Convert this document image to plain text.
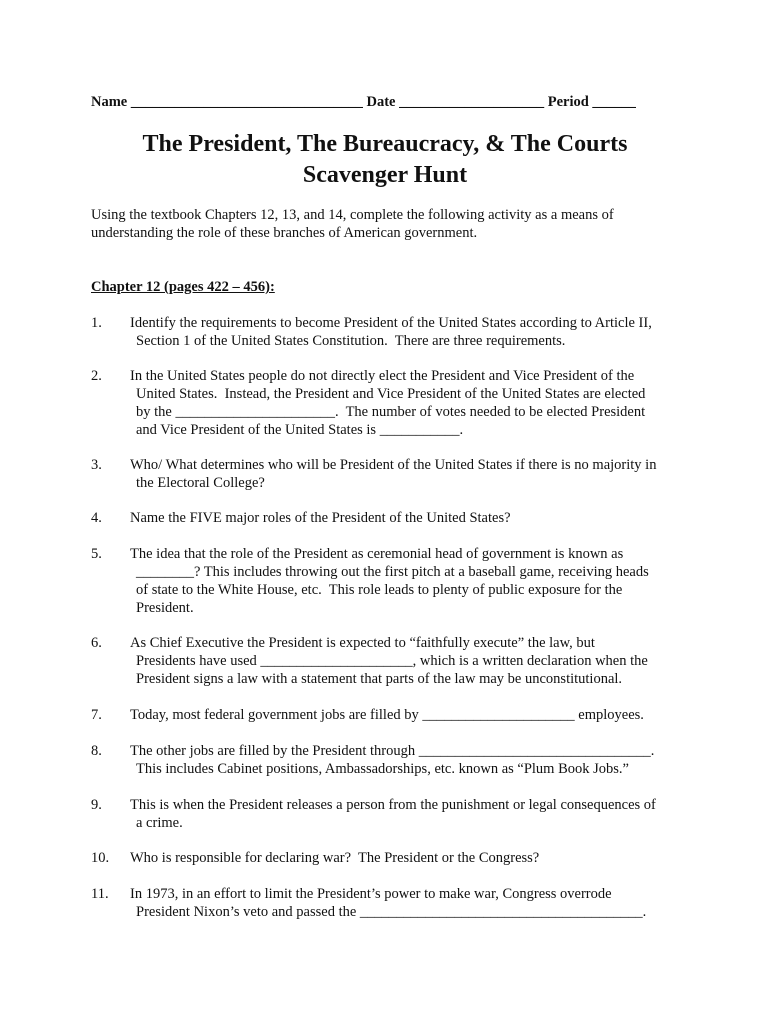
Name ________________________________ Date ____________________ Period ______
The President, The Bureaucracy, & The Courts
Scavenger Hunt
Using the textbook Chapters 12, 13, and 14, complete the following activity as a means of
understanding the role of these branches of American government.
Chapter 12 (pages 422 – 456):
1. Identify the requirements to become President of the United States according to Article II,
Section 1 of the United States Constitution.  There are three requirements.
2. In the United States people do not directly elect the President and Vice President of the
United States.  Instead, the President and Vice President of the United States are elected
by the ______________________.  The number of votes needed to be elected President
and Vice President of the United States is ___________.
3. Who/ What determines who will be President of the United States if there is no majority in
the Electoral College?
4. Name the FIVE major roles of the President of the United States?
5. The idea that the role of the President as ceremonial head of government is known as
________? This includes throwing out the first pitch at a baseball game, receiving heads
of state to the White House, etc.  This role leads to plenty of public exposure for the
President.
6. As Chief Executive the President is expected to “faithfully execute” the law, but
Presidents have used _____________________, which is a written declaration when the
President signs a law with a statement that parts of the law may be unconstitutional.
7. Today, most federal government jobs are filled by _____________________ employees.
8. The other jobs are filled by the President through ________________________________.
This includes Cabinet positions, Ambassadorships, etc. known as “Plum Book Jobs.”
9. This is when the President releases a person from the punishment or legal consequences of
a crime.
10. Who is responsible for declaring war?  The President or the Congress?
11. In 1973, in an effort to limit the President’s power to make war, Congress overrode
President Nixon’s veto and passed the _______________________________________.
